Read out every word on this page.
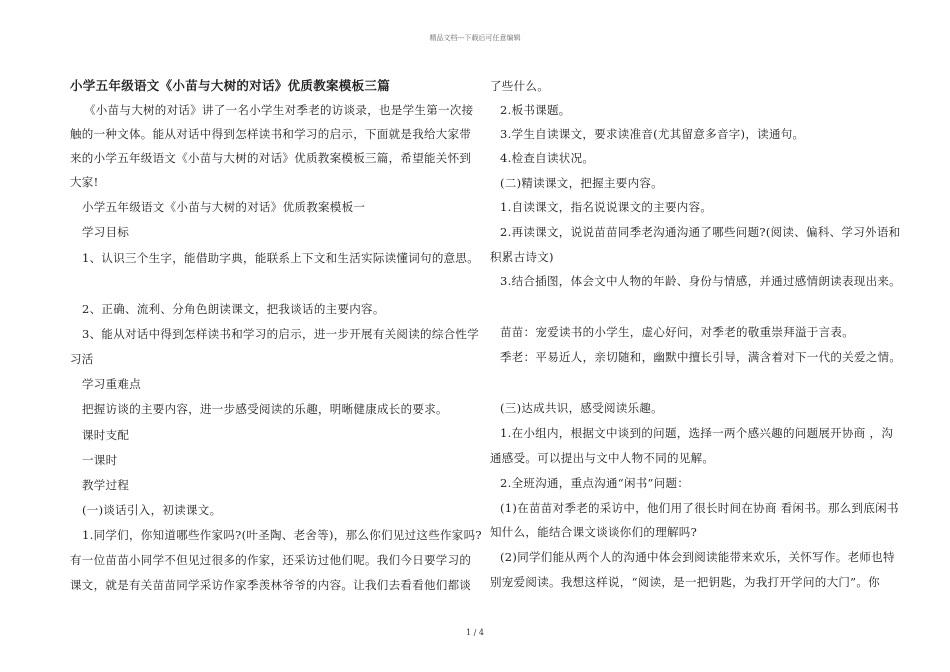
精品文档---下载后可任意编辑
小学五年级语文《小苗与大树的对话》优质教案模板三篇
《小苗与大树的对话》讲了一名小学生对季老的访谈录，也是学生第一次接
触的一种文体。能从对话中得到怎样读书和学习的启示，下面就是我给大家带
来的小学五年级语文《小苗与大树的对话》优质教案模板三篇，希望能关怀到
大家!
小学五年级语文《小苗与大树的对话》优质教案模板一
学习目标
1、认识三个生字，能借助字典，能联系上下文和生活实际读懂词句的意思。
2、正确、流利、分角色朗读课文，把我谈话的主要内容。
3、能从对话中得到怎样读书和学习的启示，进一步开展有关阅读的综合性学
习活
学习重难点
把握访谈的主要内容，进一步感受阅读的乐趣，明晰健康成长的要求。
课时支配
一课时
教学过程
(一)谈话引入，初读课文。
1.同学们，你知道哪些作家吗?(叶圣陶、老舍等)，那么你们见过这些作家吗?
有一位苗苗小同学不但见过很多的作家，还采访过他们呢。我们今日要学习的
课文，就是有关苗苗同学采访作家季羡林爷爷的内容。让我们去看看他们都谈
了些什么。
2.板书课题。
3.学生自读课文，要求读准音(尤其留意多音字)，读通句。
4.检查自读状况。
(二)精读课文，把握主要内容。
1.自读课文，指名说说课文的主要内容。
2.再读课文，说说苗苗同季老沟通沟通了哪些问题?(阅读、偏科、学习外语和
积累古诗文)
3.结合插图，体会文中人物的年龄、身份与情感，并通过感情朗读表现出来。
苗苗：宠爱读书的小学生，虚心好问，对季老的敬重崇拜溢于言表。
季老：平易近人，亲切随和，幽默中擅长引导，满含着对下一代的关爱之情。
(三)达成共识，感受阅读乐趣。
1.在小组内，根据文中谈到的问题，选择一两个感兴趣的问题展开协商 ，沟
通感受。可以提出与文中人物不同的见解。
2.全班沟通，重点沟通“闲书”问题：
(1)在苗苗对季老的采访中，他们用了很长时间在协商 看闲书。那么到底闲书
知什么，能结合课文谈谈你们的理解吗?
(2)同学们能从两个人的沟通中体会到阅读能带来欢乐，关怀写作。老师也特
别宠爱阅读。我想这样说，“阅读，是一把钥匙，为我打开学问的大门”。你
1 / 4
